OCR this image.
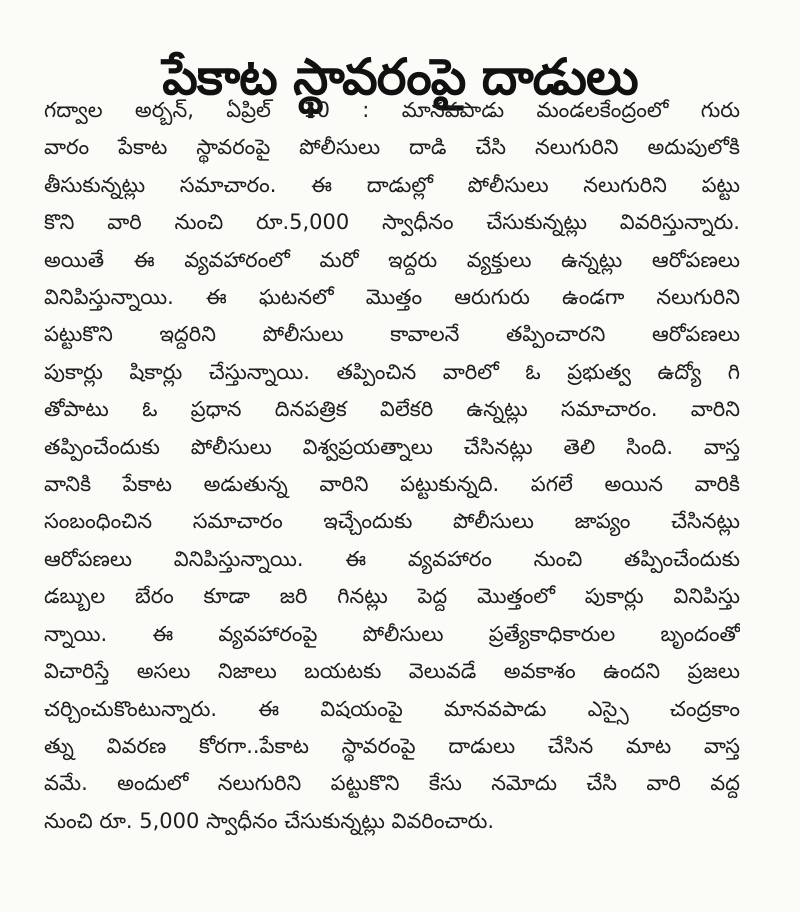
పేకాట స్థావరంపై దాడులు
గద్వాల అర్బన్, ఏప్రిల్ 10 : మానవపాడు మండలకేంద్రంలో గురు
వారం పేకాట స్థావరంపై పోలీసులు దాడి చేసి నలుగురిని అదుపులోకి
తీసుకున్నట్లు సమాచారం. ఈ దాడుల్లో పోలీసులు నలుగురిని పట్టు
కొని వారి నుంచి రూ.5,000 స్వాధీనం చేసుకున్నట్లు వివరిస్తున్నారు.
అయితే ఈ వ్యవహారంలో మరో ఇద్దరు వ్యక్తులు ఉన్నట్లు ఆరోపణలు
వినిపిస్తున్నాయి. ఈ ఘటనలో మొత్తం ఆరుగురు ఉండగా నలుగురిని
పట్టుకొని ఇద్దరిని పోలీసులు కావాలనే తప్పించారని ఆరోపణలు
పుకార్లు షికార్లు చేస్తున్నాయి. తప్పించిన వారిలో ఓ ప్రభుత్వ ఉద్యో గి
తోపాటు ఓ ప్రధాన దినపత్రిక విలేకరి ఉన్నట్లు సమాచారం. వారిని
తప్పించేందుకు పోలీసులు విశ్వప్రయత్నాలు చేసినట్లు తెలి సింది. వాస్త
వానికి పేకాట అడుతున్న వారిని పట్టుకున్నది. పగలే అయిన వారికి
సంబంధించిన సమాచారం ఇచ్చేందుకు పోలీసులు జాప్యం చేసినట్లు
ఆరోపణలు వినిపిస్తున్నాయి. ఈ వ్యవహారం నుంచి తప్పించేందుకు
డబ్బుల బేరం కూడా జరి గినట్లు పెద్ద మొత్తంలో పుకార్లు వినిపిస్తు
న్నాయి. ఈ వ్యవహారంపై పోలీసులు ప్రత్యేకాధికారుల బృందంతో
విచారిస్తే అసలు నిజాలు బయటకు వెలువడే అవకాశం ఉందని ప్రజలు
చర్చించుకొంటున్నారు. ఈ విషయంపై మానవపాడు ఎస్సై చంద్రకాం
త్ను వివరణ కోరగా..పేకాట స్థావరంపై దాడులు చేసిన మాట వాస్త
వమే. అందులో నలుగురిని పట్టుకొని కేసు నమోదు చేసి వారి వద్ద
నుంచి రూ. 5,000 స్వాధీనం చేసుకున్నట్లు వివరించారు.
